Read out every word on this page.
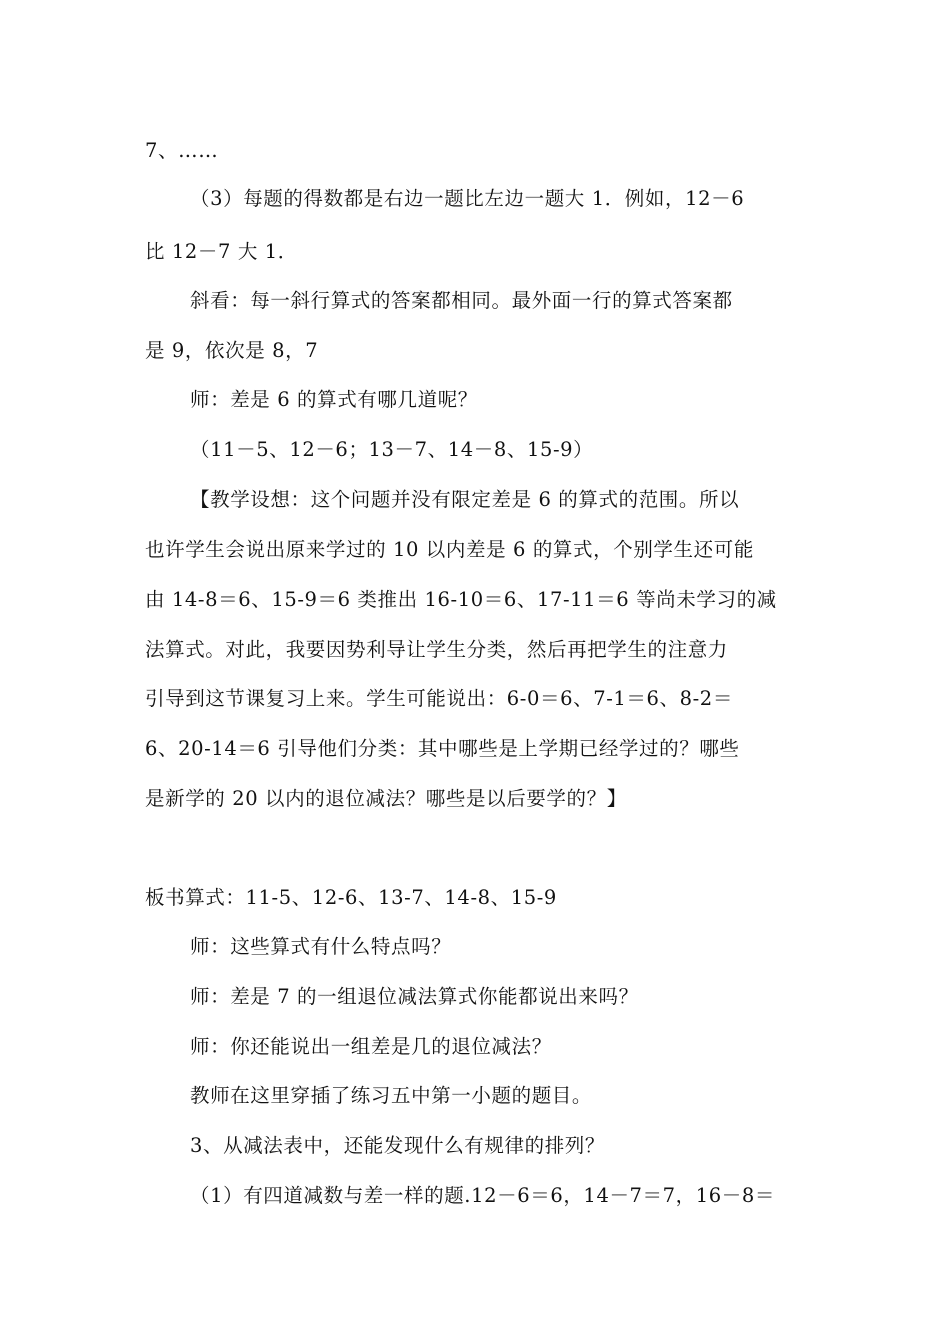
7、……
（3）每题的得数都是右边一题比左边一题大 1．例如，12－6
比 12－7 大 1．
斜看：每一斜行算式的答案都相同。最外面一行的算式答案都
是 9，依次是 8，7
师：差是 6 的算式有哪几道呢？
（11－5、12－6；13－7、14－8、15-9）
【教学设想：这个问题并没有限定差是 6 的算式的范围。所以
也许学生会说出原来学过的 10 以内差是 6 的算式，个别学生还可能
由 14-8＝6、15-9＝6 类推出 16-10＝6、17-11＝6 等尚未学习的减
法算式。对此，我要因势利导让学生分类，然后再把学生的注意力
引导到这节课复习上来。学生可能说出：6-0＝6、7-1＝6、8-2＝
6、20-14＝6 引导他们分类：其中哪些是上学期已经学过的？哪些
是新学的 20 以内的退位减法？哪些是以后要学的？】
板书算式：11-5、12-6、13-7、14-8、15-9
师：这些算式有什么特点吗？
师：差是 7 的一组退位减法算式你能都说出来吗？
师：你还能说出一组差是几的退位减法？
教师在这里穿插了练习五中第一小题的题目。
3、从减法表中，还能发现什么有规律的排列？
（1）有四道减数与差一样的题.12－6＝6，14－7＝7，16－8＝
